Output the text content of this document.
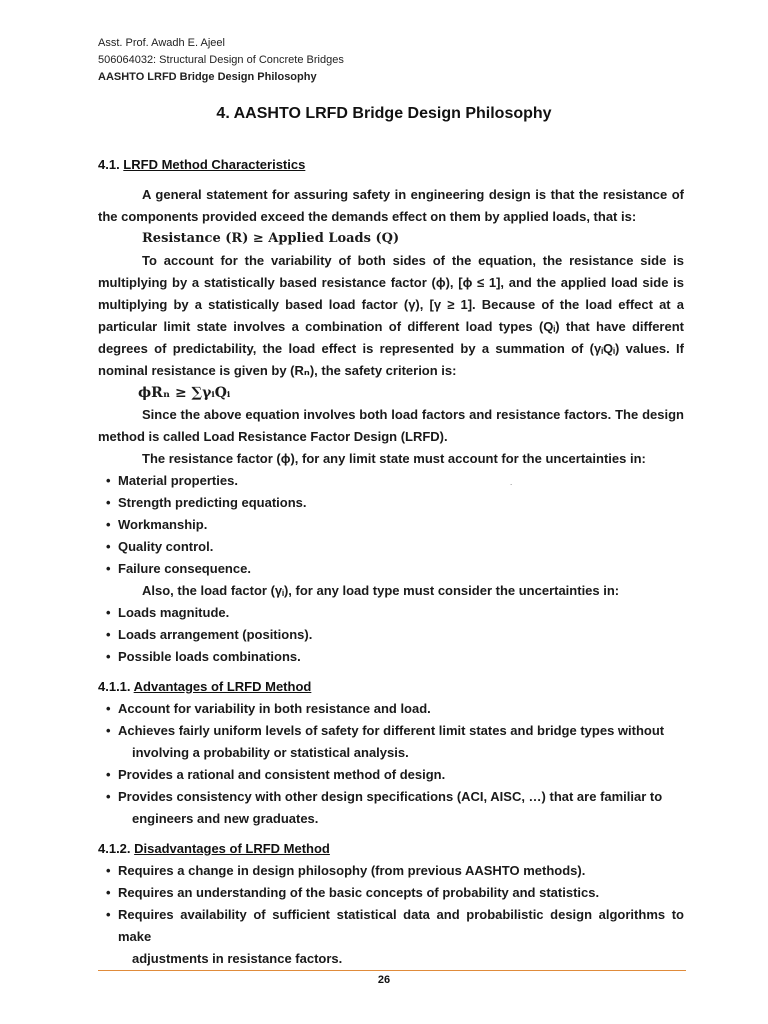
Asst. Prof. Awadh E. Ajeel
506064032: Structural Design of Concrete Bridges
AASHTO LRFD Bridge Design Philosophy
4. AASHTO LRFD Bridge Design Philosophy
4.1. LRFD Method Characteristics

A general statement for assuring safety in engineering design is that the resistance of the components provided exceed the demands effect on them by applied loads, that is:

Resistance (R) ≥ Applied Loads (Q)

To account for the variability of both sides of the equation, the resistance side is multiplying by a statistically based resistance factor (ϕ), [ϕ ≤ 1], and the applied load side is multiplying by a statistically based load factor (γ), [γ ≥ 1]. Because of the load effect at a particular limit state involves a combination of different load types (Qᵢ) that have different degrees of predictability, the load effect is represented by a summation of (γᵢQᵢ) values. If nominal resistance is given by (Rₙ), the safety criterion is:

ϕRₙ ≥ ∑γᵢQᵢ

Since the above equation involves both load factors and resistance factors. The design method is called Load Resistance Factor Design (LRFD).

The resistance factor (ϕ), for any limit state must account for the uncertainties in:

• Material properties.
• Strength predicting equations.
• Workmanship.
• Quality control.
• Failure consequence.

Also, the load factor (γᵢ), for any load type must consider the uncertainties in:

• Loads magnitude.
• Loads arrangement (positions).
• Possible loads combinations.
4.1.1. Advantages of LRFD Method
• Account for variability in both resistance and load.
• Achieves fairly uniform levels of safety for different limit states and bridge types without
involving a probability or statistical analysis.
• Provides a rational and consistent method of design.
• Provides consistency with other design specifications (ACI, AISC, …) that are familiar to
engineers and new graduates.
4.1.2. Disadvantages of LRFD Method
• Requires a change in design philosophy (from previous AASHTO methods).
• Requires an understanding of the basic concepts of probability and statistics.
• Requires availability of sufficient statistical data and probabilistic design algorithms to make
adjustments in resistance factors.
.
26
